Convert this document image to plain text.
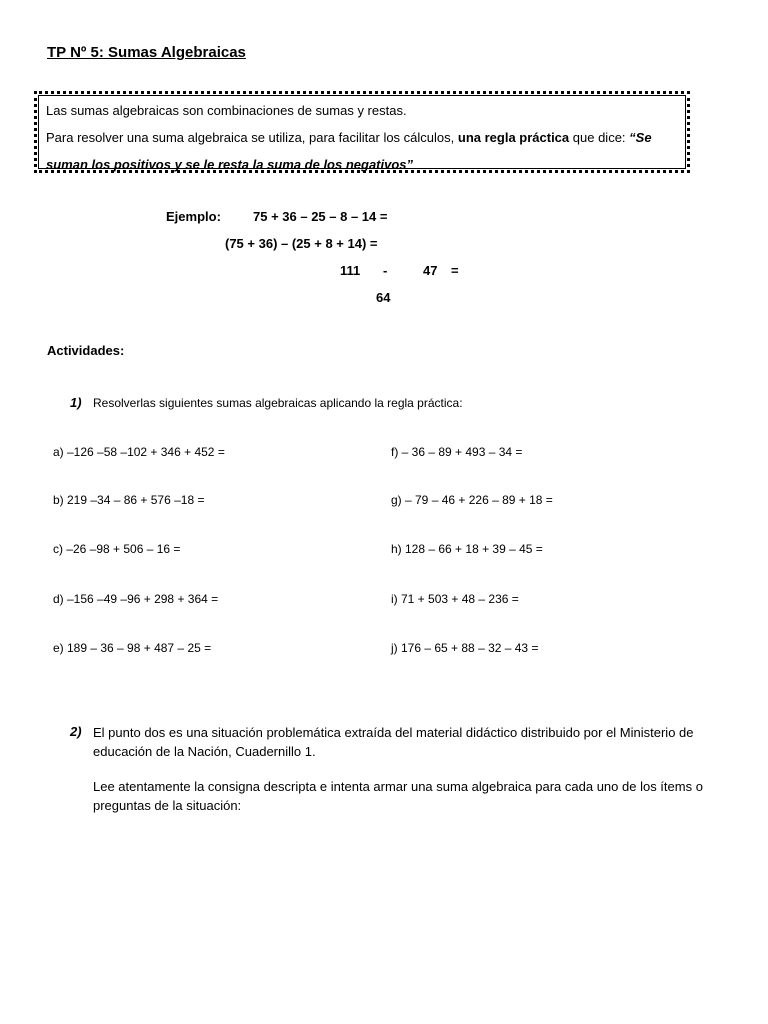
TP Nº 5: Sumas Algebraicas
Las sumas algebraicas son combinaciones de sumas y restas.
Para resolver una suma algebraica se utiliza, para facilitar los cálculos, una regla práctica que dice: “Se
suman los positivos y se le resta la suma de los negativos”
Ejemplo: 75 + 36 – 25 – 8 – 14 =
(75 + 36) – (25 + 8 + 14) =
111 -	47 =
64
Actividades:
1) Resolverlas siguientes sumas algebraicas aplicando la regla práctica:
a) –126 –58 –102 + 346 + 452 =
b) 219 –34 – 86 + 576 –18 =
c) –26 –98 + 506 – 16 =
d) –156 –49 –96 + 298 + 364 =
e) 189 – 36 – 98 + 487 – 25 =
f) – 36 – 89 + 493 – 34 =
g) – 79 – 46 + 226 – 89 + 18 =
h) 128 – 66 + 18 + 39 – 45 =
i) 71 + 503 + 48 – 236 =
j) 176 – 65 + 88 – 32 – 43 =
2) El punto dos es una situación problemática extraída del material didáctico distribuido por el Ministerio de educación de la Nación, Cuadernillo 1.
Lee atentamente la consigna descripta e intenta armar una suma algebraica para cada uno de los ítems o preguntas de la situación:
